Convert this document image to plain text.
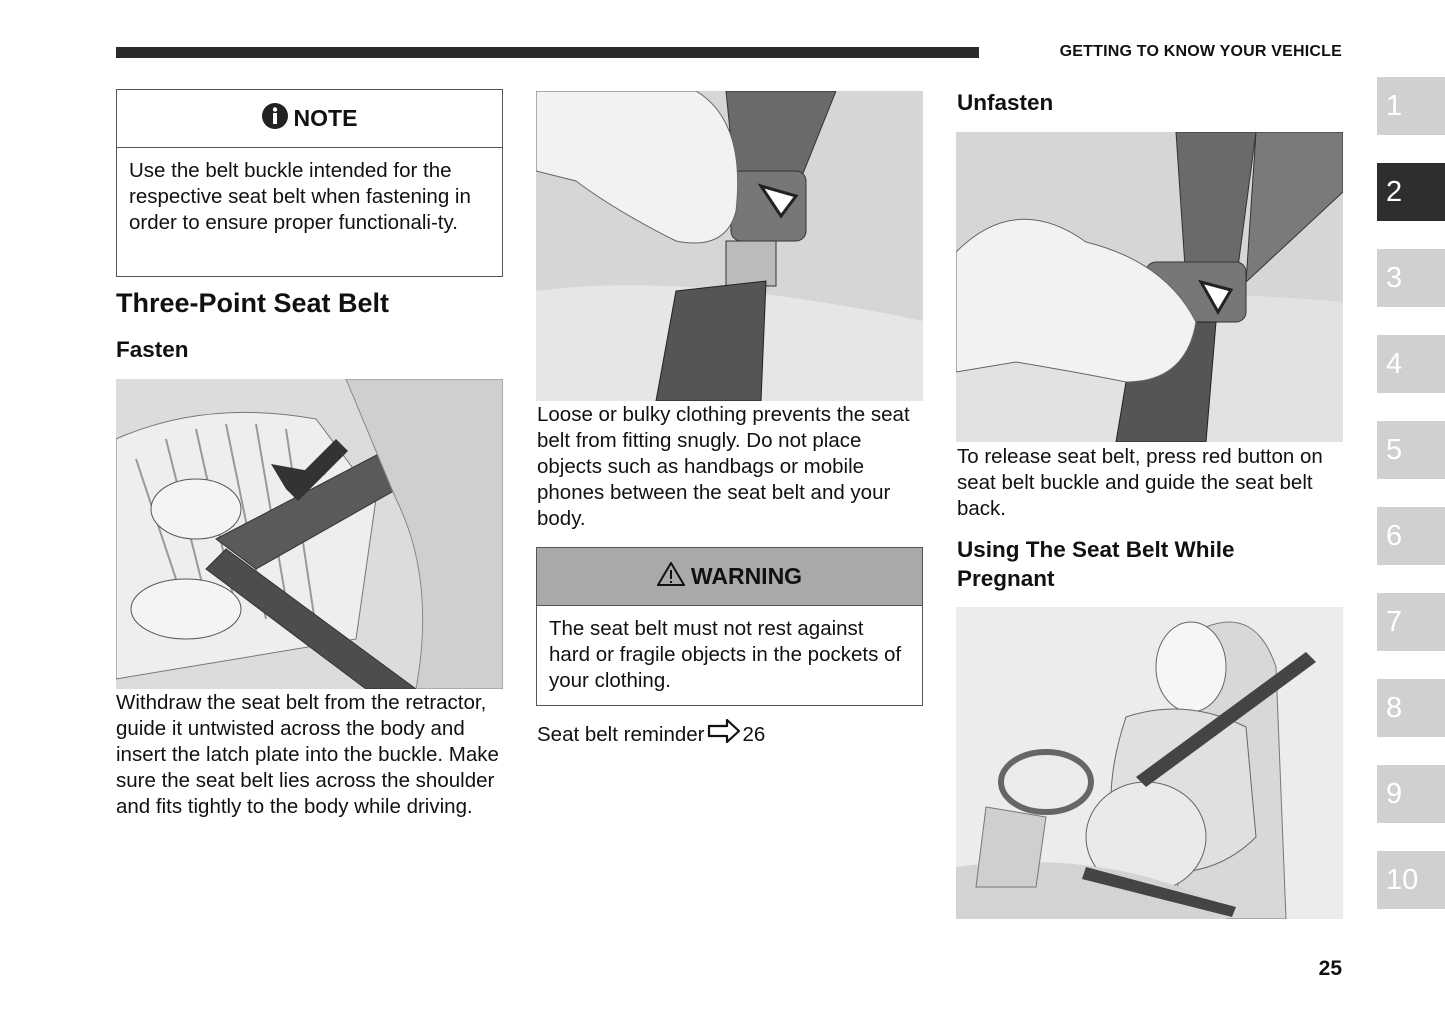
GETTING TO KNOW YOUR VEHICLE
1
2
3
4
5
6
7
8
9
10
NOTE
Use the belt buckle intended for the respective seat belt when fastening in order to ensure proper functionali-ty.
Three-Point Seat Belt
Fasten

Withdraw the seat belt from the retractor, guide it untwisted across the body and insert the latch plate into the buckle. Make sure the seat belt lies across the shoulder and fits tightly to the body while driving.

Loose or bulky clothing prevents the seat belt from fitting snugly. Do not place objects such as handbags or mobile phones between the seat belt and your body.

WARNING
The seat belt must not rest against hard or fragile objects in the pockets of your clothing.
Seat belt reminder 26
Unfasten

To release seat belt, press red button on seat belt buckle and guide the seat belt back.

Using The Seat Belt While Pregnant
25
